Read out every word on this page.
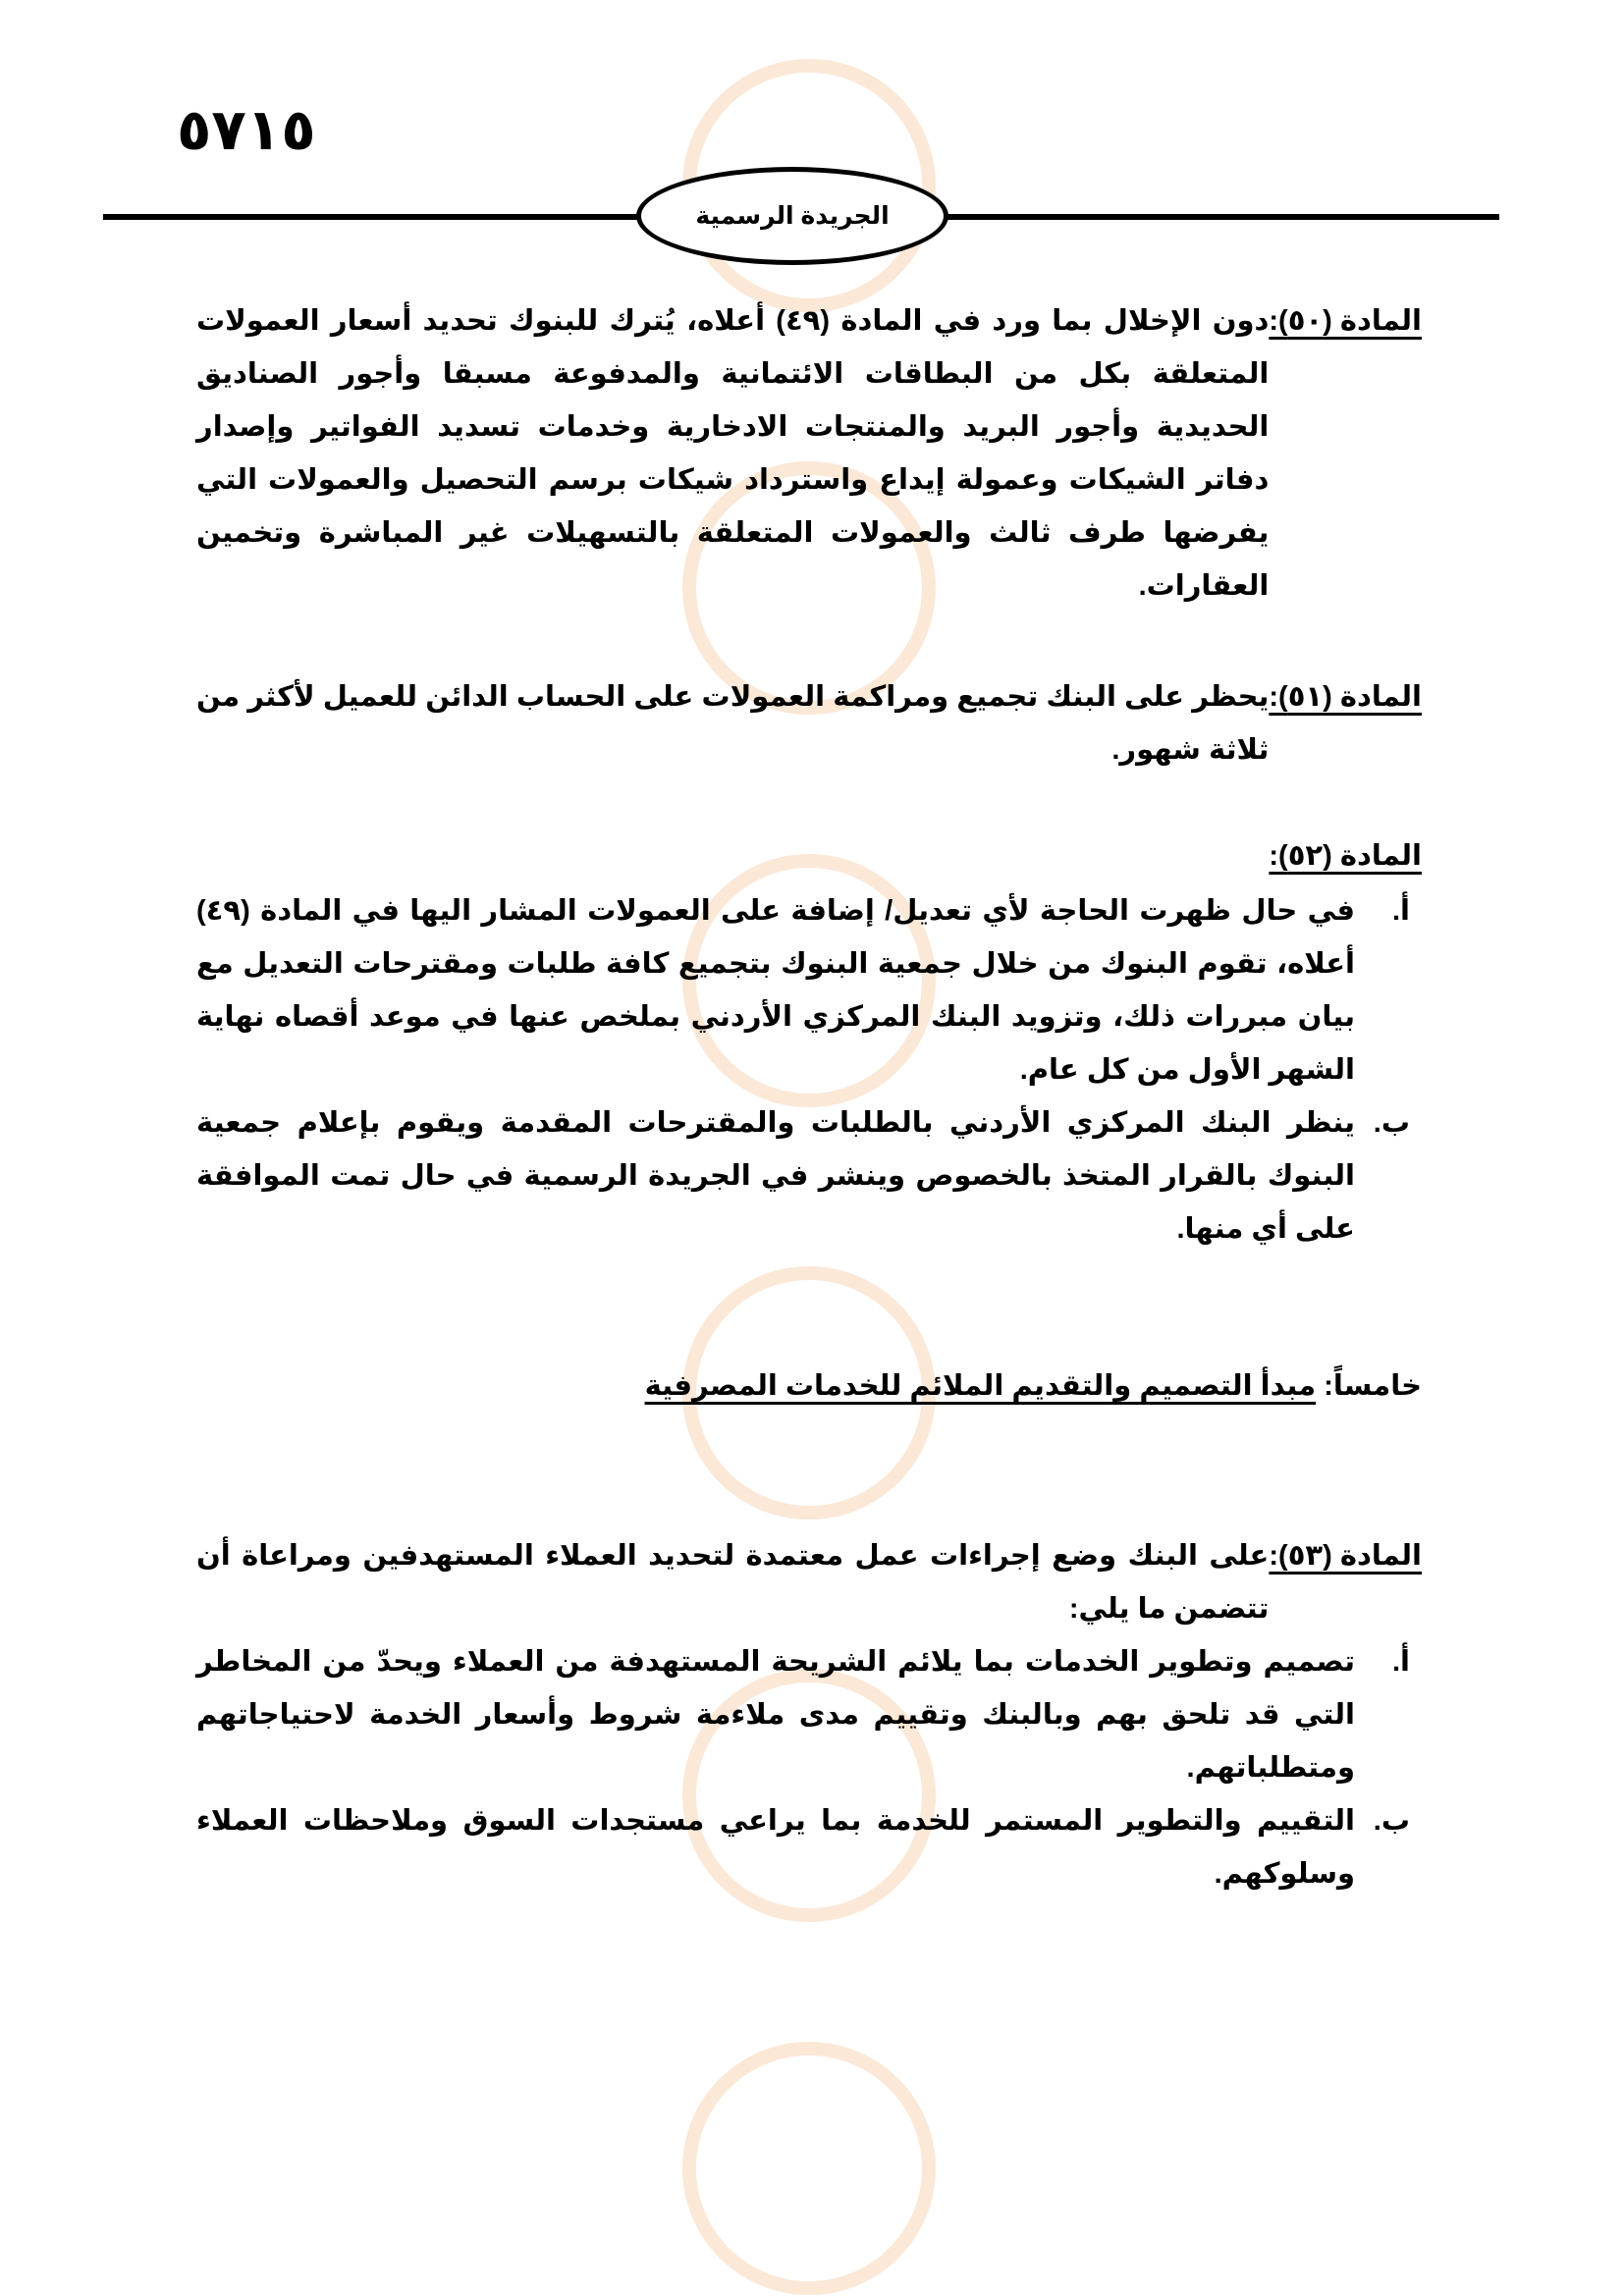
٥٧١٥
الجريدة الرسمية
المادة (٥٠):
دون الإخلال بما ورد في المادة (٤٩) أعلاه، يُترك للبنوك تحديد أسعار العمولات المتعلقة بكل من البطاقات الائتمانية والمدفوعة مسبقا وأجور الصناديق الحديدية وأجور البريد والمنتجات الادخارية وخدمات تسديد الفواتير وإصدار دفاتر الشيكات وعمولة إيداع واسترداد شيكات برسم التحصيل والعمولات التي يفرضها طرف ثالث والعمولات المتعلقة بالتسهيلات غير المباشرة وتخمين العقارات.
المادة (٥١):
يحظر على البنك تجميع ومراكمة العمولات على الحساب الدائن للعميل لأكثر من ثلاثة شهور.
المادة (٥٢):
أ.
في حال ظهرت الحاجة لأي تعديل/ إضافة على العمولات المشار اليها في المادة (٤٩) أعلاه، تقوم البنوك من خلال جمعية البنوك بتجميع كافة طلبات ومقترحات التعديل مع بيان مبررات ذلك، وتزويد البنك المركزي الأردني بملخص عنها في موعد أقصاه نهاية الشهر الأول من كل عام.
ب.
ينظر البنك المركزي الأردني بالطلبات والمقترحات المقدمة ويقوم بإعلام جمعية البنوك بالقرار المتخذ بالخصوص وينشر في الجريدة الرسمية في حال تمت الموافقة على أي منها.
خامساً: مبدأ التصميم والتقديم الملائم للخدمات المصرفية
المادة (٥٣):
على البنك وضع إجراءات عمل معتمدة لتحديد العملاء المستهدفين ومراعاة أن تتضمن ما يلي:
أ.
تصميم وتطوير الخدمات بما يلائم الشريحة المستهدفة من العملاء ويحدّ من المخاطر التي قد تلحق بهم وبالبنك وتقييم مدى ملاءمة شروط وأسعار الخدمة لاحتياجاتهم ومتطلباتهم.
ب.
التقييم والتطوير المستمر للخدمة بما يراعي مستجدات السوق وملاحظات العملاء وسلوكهم.
